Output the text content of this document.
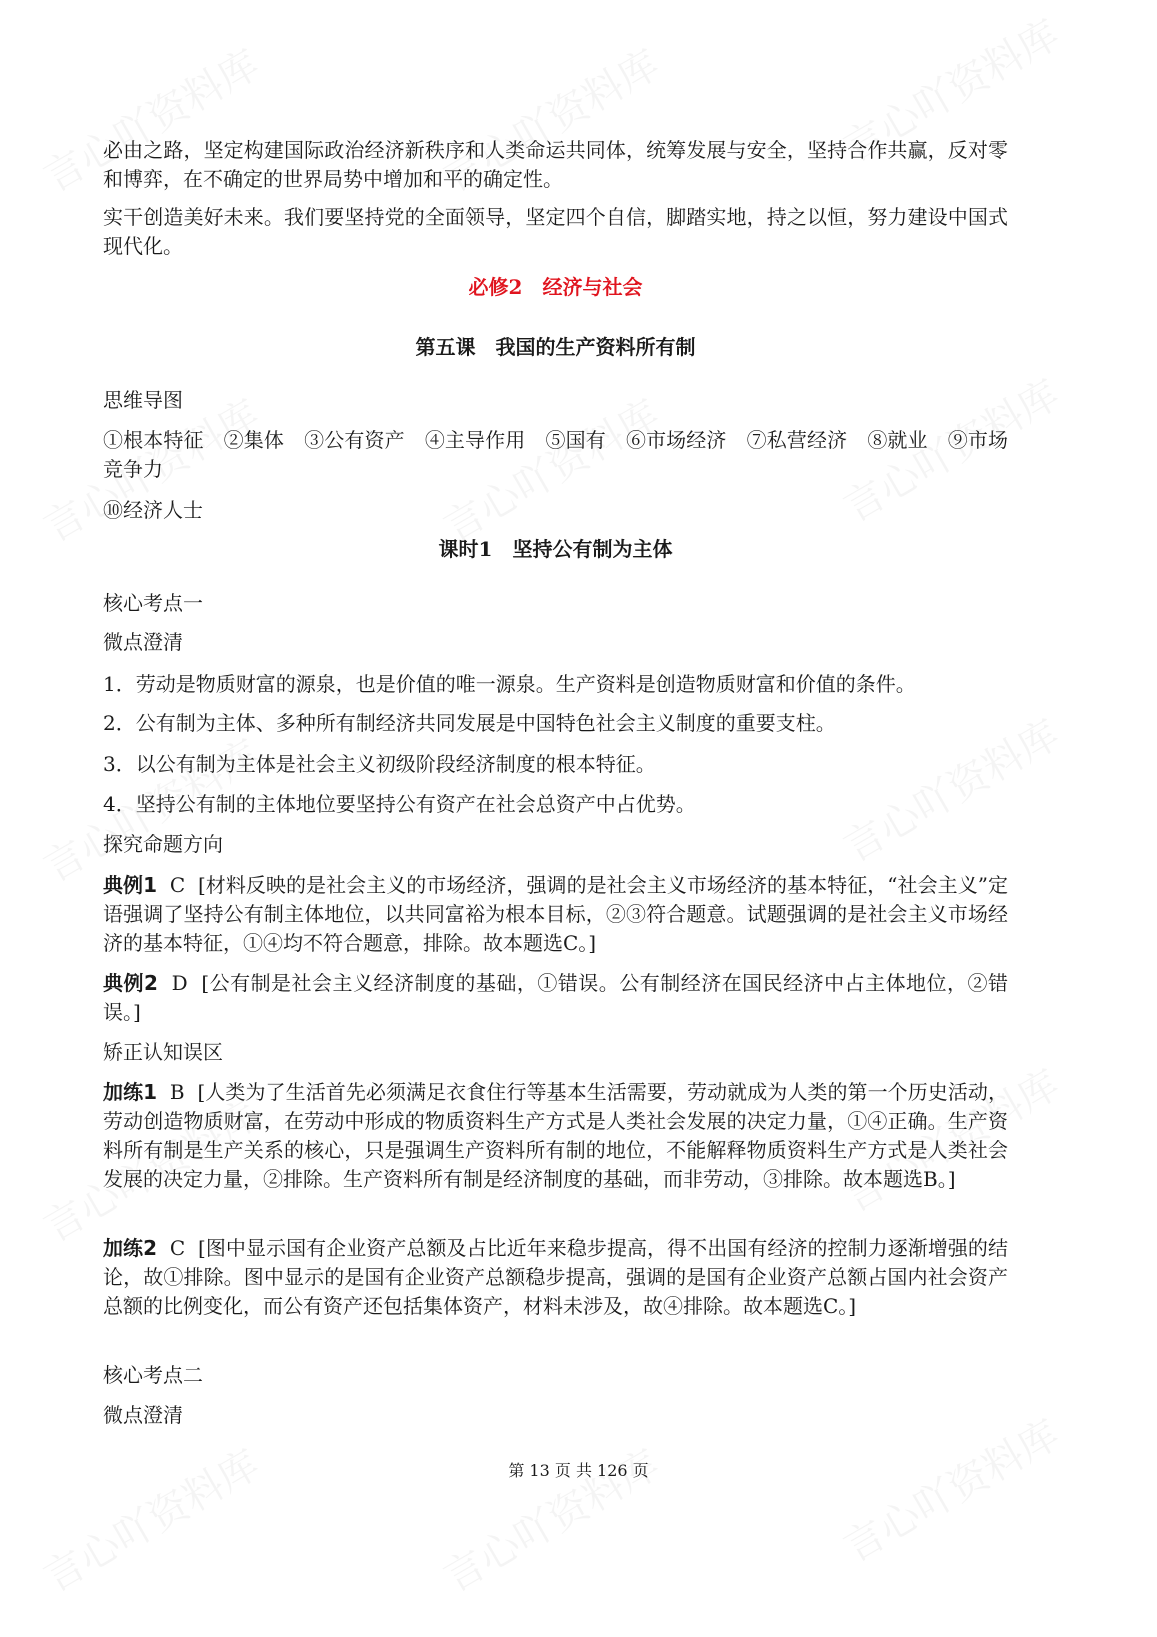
必由之路，坚定构建国际政治经济新秩序和人类命运共同体，统筹发展与安全，坚持合作共赢，反对零和博弈，在不确定的世界局势中增加和平的确定性。
实干创造美好未来。我们要坚持党的全面领导，坚定四个自信，脚踏实地，持之以恒，努力建设中国式现代化。
必修2　经济与社会
第五课　我国的生产资料所有制
思维导图
①根本特征　②集体　③公有资产　④主导作用　⑤国有　⑥市场经济　⑦私营经济　⑧就业　⑨市场竞争力
⑩经济人士
课时1　坚持公有制为主体
核心考点一
微点澄清
1．劳动是物质财富的源泉，也是价值的唯一源泉。生产资料是创造物质财富和价值的条件。
2．公有制为主体、多种所有制经济共同发展是中国特色社会主义制度的重要支柱。
3．以公有制为主体是社会主义初级阶段经济制度的根本特征。
4．坚持公有制的主体地位要坚持公有资产在社会总资产中占优势。
探究命题方向
典例1 C [材料反映的是社会主义的市场经济，强调的是社会主义市场经济的基本特征，“社会主义”定语强调了坚持公有制主体地位，以共同富裕为根本目标，②③符合题意。试题强调的是社会主义市场经济的基本特征，①④均不符合题意，排除。故本题选C。]
典例2 D [公有制是社会主义经济制度的基础，①错误。公有制经济在国民经济中占主体地位，②错误。]
矫正认知误区
加练1 B [人类为了生活首先必须满足衣食住行等基本生活需要，劳动就成为人类的第一个历史活动，劳动创造物质财富，在劳动中形成的物质资料生产方式是人类社会发展的决定力量，①④正确。生产资料所有制是生产关系的核心，只是强调生产资料所有制的地位，不能解释物质资料生产方式是人类社会发展的决定力量，②排除。生产资料所有制是经济制度的基础，而非劳动，③排除。故本题选B。]
加练2 C [图中显示国有企业资产总额及占比近年来稳步提高，得不出国有经济的控制力逐渐增强的结论，故①排除。图中显示的是国有企业资产总额稳步提高，强调的是国有企业资产总额占国内社会资产总额的比例变化，而公有资产还包括集体资产，材料未涉及，故④排除。故本题选C。]
核心考点二
微点澄清
第 13 页 共 126 页
